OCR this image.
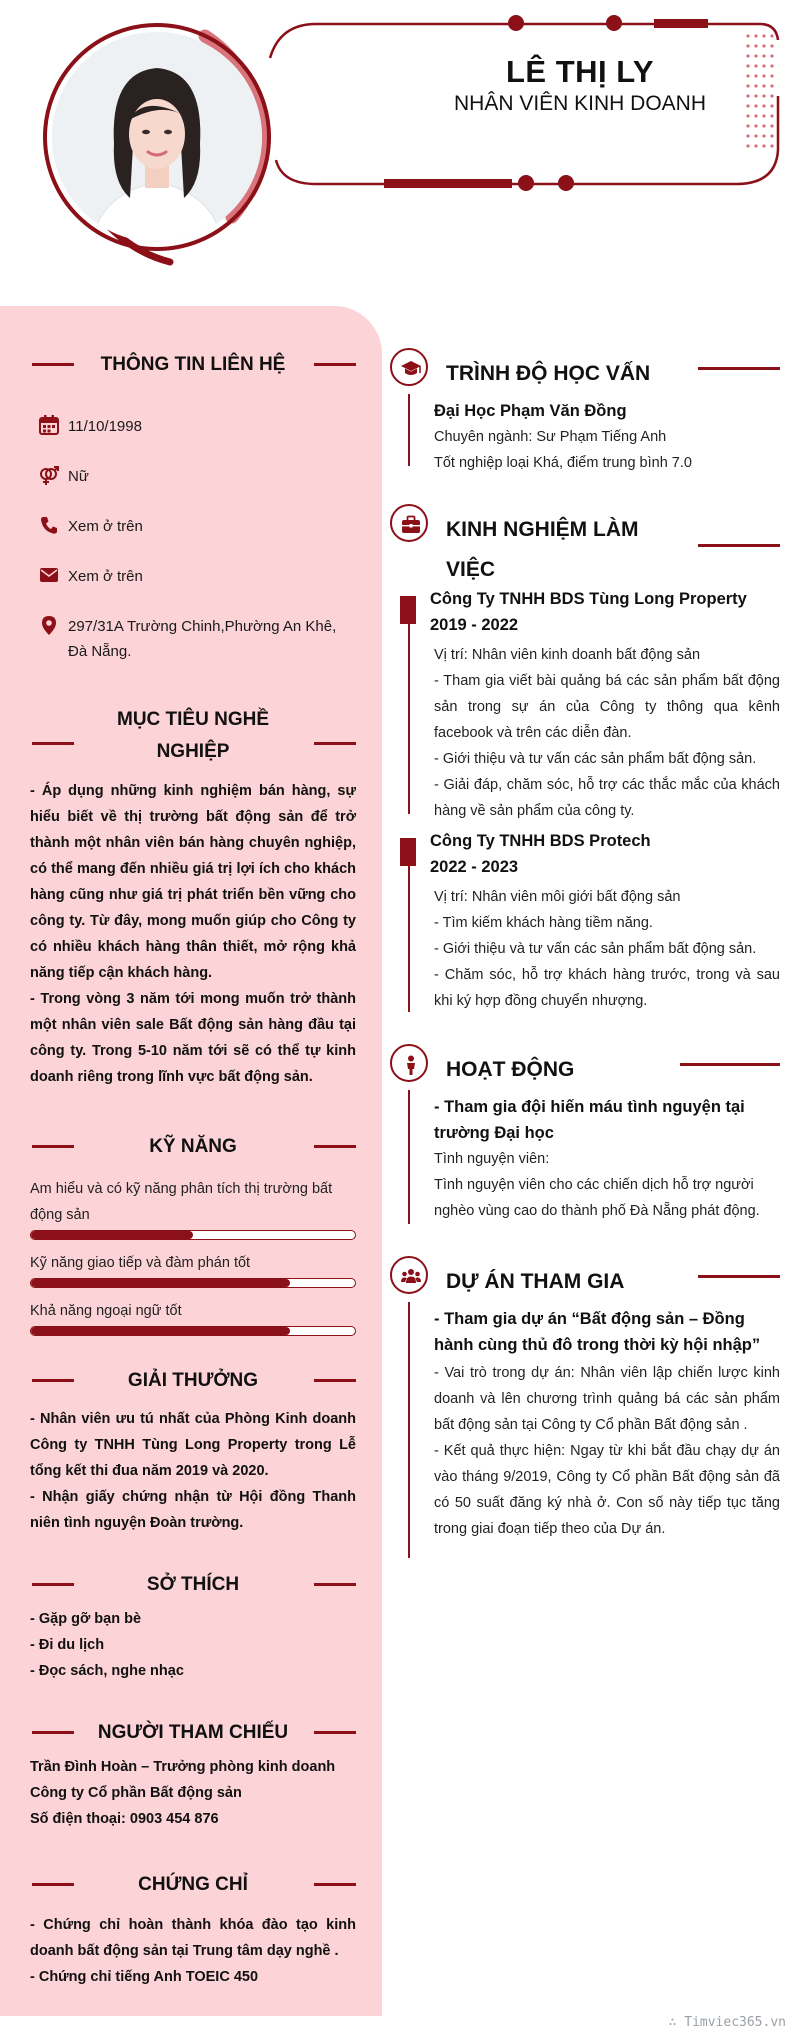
LÊ THỊ LY
NHÂN VIÊN KINH DOANH
THÔNG TIN LIÊN HỆ
11/10/1998
Nữ
Xem ở trên
Xem ở trên
297/31A Trường Chinh,Phường An Khê, Đà Nẵng.
MỤC TIÊU NGHỀ
NGHIỆP

- Áp dụng những kinh nghiệm bán hàng, sự hiểu biết về thị trường bất động sản để trở thành một nhân viên bán hàng chuyên nghiệp, có thể mang đến nhiều giá trị lợi ích cho khách hàng cũng như giá trị phát triển bền vững cho công ty. Từ đây, mong muốn giúp cho Công ty có nhiều khách hàng thân thiết, mở rộng khả năng tiếp cận khách hàng.

- Trong vòng 3 năm tới mong muốn trở thành một nhân viên sale Bất động sản hàng đầu tại công ty. Trong 5-10 năm tới sẽ có thể tự kinh doanh riêng trong lĩnh vực bất động sản.

KỸ NĂNG
Am hiểu và có kỹ năng phân tích thị trường bất động sản
Kỹ năng giao tiếp và đàm phán tốt
Khả năng ngoại ngữ tốt
GIẢI THƯỞNG

- Nhân viên ưu tú nhất của Phòng Kinh doanh Công ty TNHH Tùng Long Property trong Lễ tổng kết thi đua năm 2019 và 2020.

- Nhận giấy chứng nhận từ Hội đồng Thanh niên tình nguyện Đoàn trường.

SỞ THÍCH
- Gặp gỡ bạn bè
- Đi du lịch
- Đọc sách, nghe nhạc
NGƯỜI THAM CHIẾU
Trần Đình Hoàn – Trưởng phòng kinh doanh
Công ty Cổ phần Bất động sản
Số điện thoại: 0903 454 876
CHỨNG CHỈ

- Chứng chỉ hoàn thành khóa đào tạo kinh doanh bất động sản tại Trung tâm dạy nghề .

- Chứng chỉ tiếng Anh TOEIC 450

TRÌNH ĐỘ HỌC VẤN
Đại Học Phạm Văn Đồng
Chuyên ngành: Sư Phạm Tiếng Anh
Tốt nghiệp loại Khá, điểm trung bình 7.0
KINH NGHIỆM LÀM
VIỆC
Công Ty TNHH BDS Tùng Long Property
2019 - 2022
Vị trí: Nhân viên kinh doanh bất động sản
- Tham gia viết bài quảng bá các sản phẩm bất động sản trong sự án của Công ty thông qua kênh facebook và trên các diễn đàn.
- Giới thiệu và tư vấn các sản phẩm bất động sản.
- Giải đáp, chăm sóc, hỗ trợ các thắc mắc của khách hàng về sản phẩm của công ty.
Công Ty TNHH BDS Protech
2022 - 2023
Vị trí: Nhân viên môi giới bất động sản
- Tìm kiếm khách hàng tiềm năng.
- Giới thiệu và tư vấn các sản phẩm bất động sản.
- Chăm sóc, hỗ trợ khách hàng trước, trong và sau khi ký hợp đồng chuyển nhượng.
HOẠT ĐỘNG
- Tham gia đội hiến máu tình nguyện tại trường Đại học
Tình nguyện viên:
Tình nguyện viên cho các chiến dịch hỗ trợ người nghèo vùng cao do thành phố Đà Nẵng phát động.
DỰ ÁN THAM GIA
- Tham gia dự án “Bất động sản – Đồng hành cùng thủ đô trong thời kỳ hội nhập”
- Vai trò trong dự án: Nhân viên lập chiến lược kinh doanh và lên chương trình quảng bá các sản phẩm bất động sản tại Công ty Cổ phần Bất động sản .
- Kết quả thực hiện: Ngay từ khi bắt đầu chạy dự án vào tháng 9/2019, Công ty Cổ phần Bất động sản đã có 50 suất đăng ký nhà ở. Con số này tiếp tục tăng trong giai đoạn tiếp theo của Dự án.
∴ Timviec365.vn
